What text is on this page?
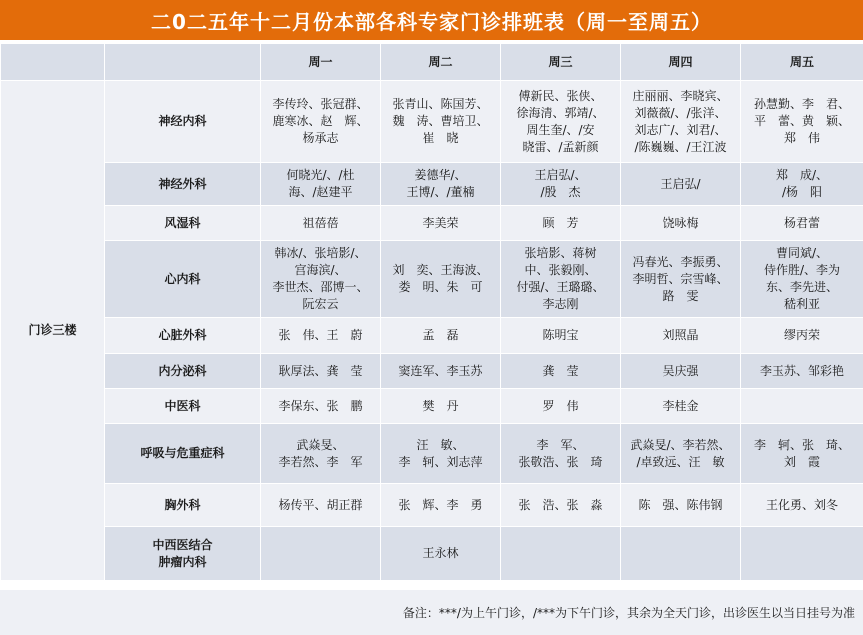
二0二五年十二月份本部各科专家门诊排班表（周一至周五）
		周一	周二	周三	周四	周五
门诊三楼	神经内科	李传玲、张冠群、
鹿寒冰、赵　辉、
杨承志	张青山、陈国芳、
魏　涛、曹培卫、
崔　晓	傅新民、张侠、
徐海清、郭靖/、
周生奎/、/安
晓雷、/孟新颜	庄丽丽、李晓宾、
刘薇薇/、/张洋、
刘志广/、刘君/、
/陈巍巍、/王江波	孙慧勤、李　君、
平　蕾、黄　颖、
郑　伟
	神经外科	何晓光/、/杜
海、/赵建平	姜德华/、
王博/、/董楠	王启弘/、
/殷　杰	王启弘/	郑　成/、
/杨　阳
	风湿科	祖蓓蓓	李美荣	顾　芳	饶咏梅	杨君蕾
	心内科	韩冰/、张培影/、
宫海滨/、
李世杰、邵博一、
阮宏云	刘　奕、王海波、
娄　明、朱　可	张培影、蒋树
中、张毅刚、
付强/、王璐璐、
李志刚	冯春光、李振勇、
李明哲、宗雪峰、
路　雯	曹同斌/、
侍作胜/、李为
东、李先进、
嵇利亚
	心脏外科	张　伟、王　蔚	孟　磊	陈明宝	刘照晶	缪丙荣
	内分泌科	耿厚法、龚　莹	窦连军、李玉苏	龚　莹	吴庆强	李玉苏、邹彩艳
	中医科	李保东、张　鹏	樊　丹	罗　伟	李桂金	
	呼吸与危重症科	武焱旻、
李若然、李　军	汪　敏、
李　轲、刘志萍	李　军、
张敬浩、张　琦	武焱旻/、李若然、
/卓致远、汪　敏	李　轲、张　琦、
刘　霞
	胸外科	杨传平、胡正群	张　辉、李　勇	张　浩、张　淼	陈　强、陈伟钢	王化勇、刘冬
	中西医结合
肿瘤内科		王永林			
备注：***/为上午门诊，/***为下午门诊，其余为全天门诊，出诊医生以当日挂号为准
